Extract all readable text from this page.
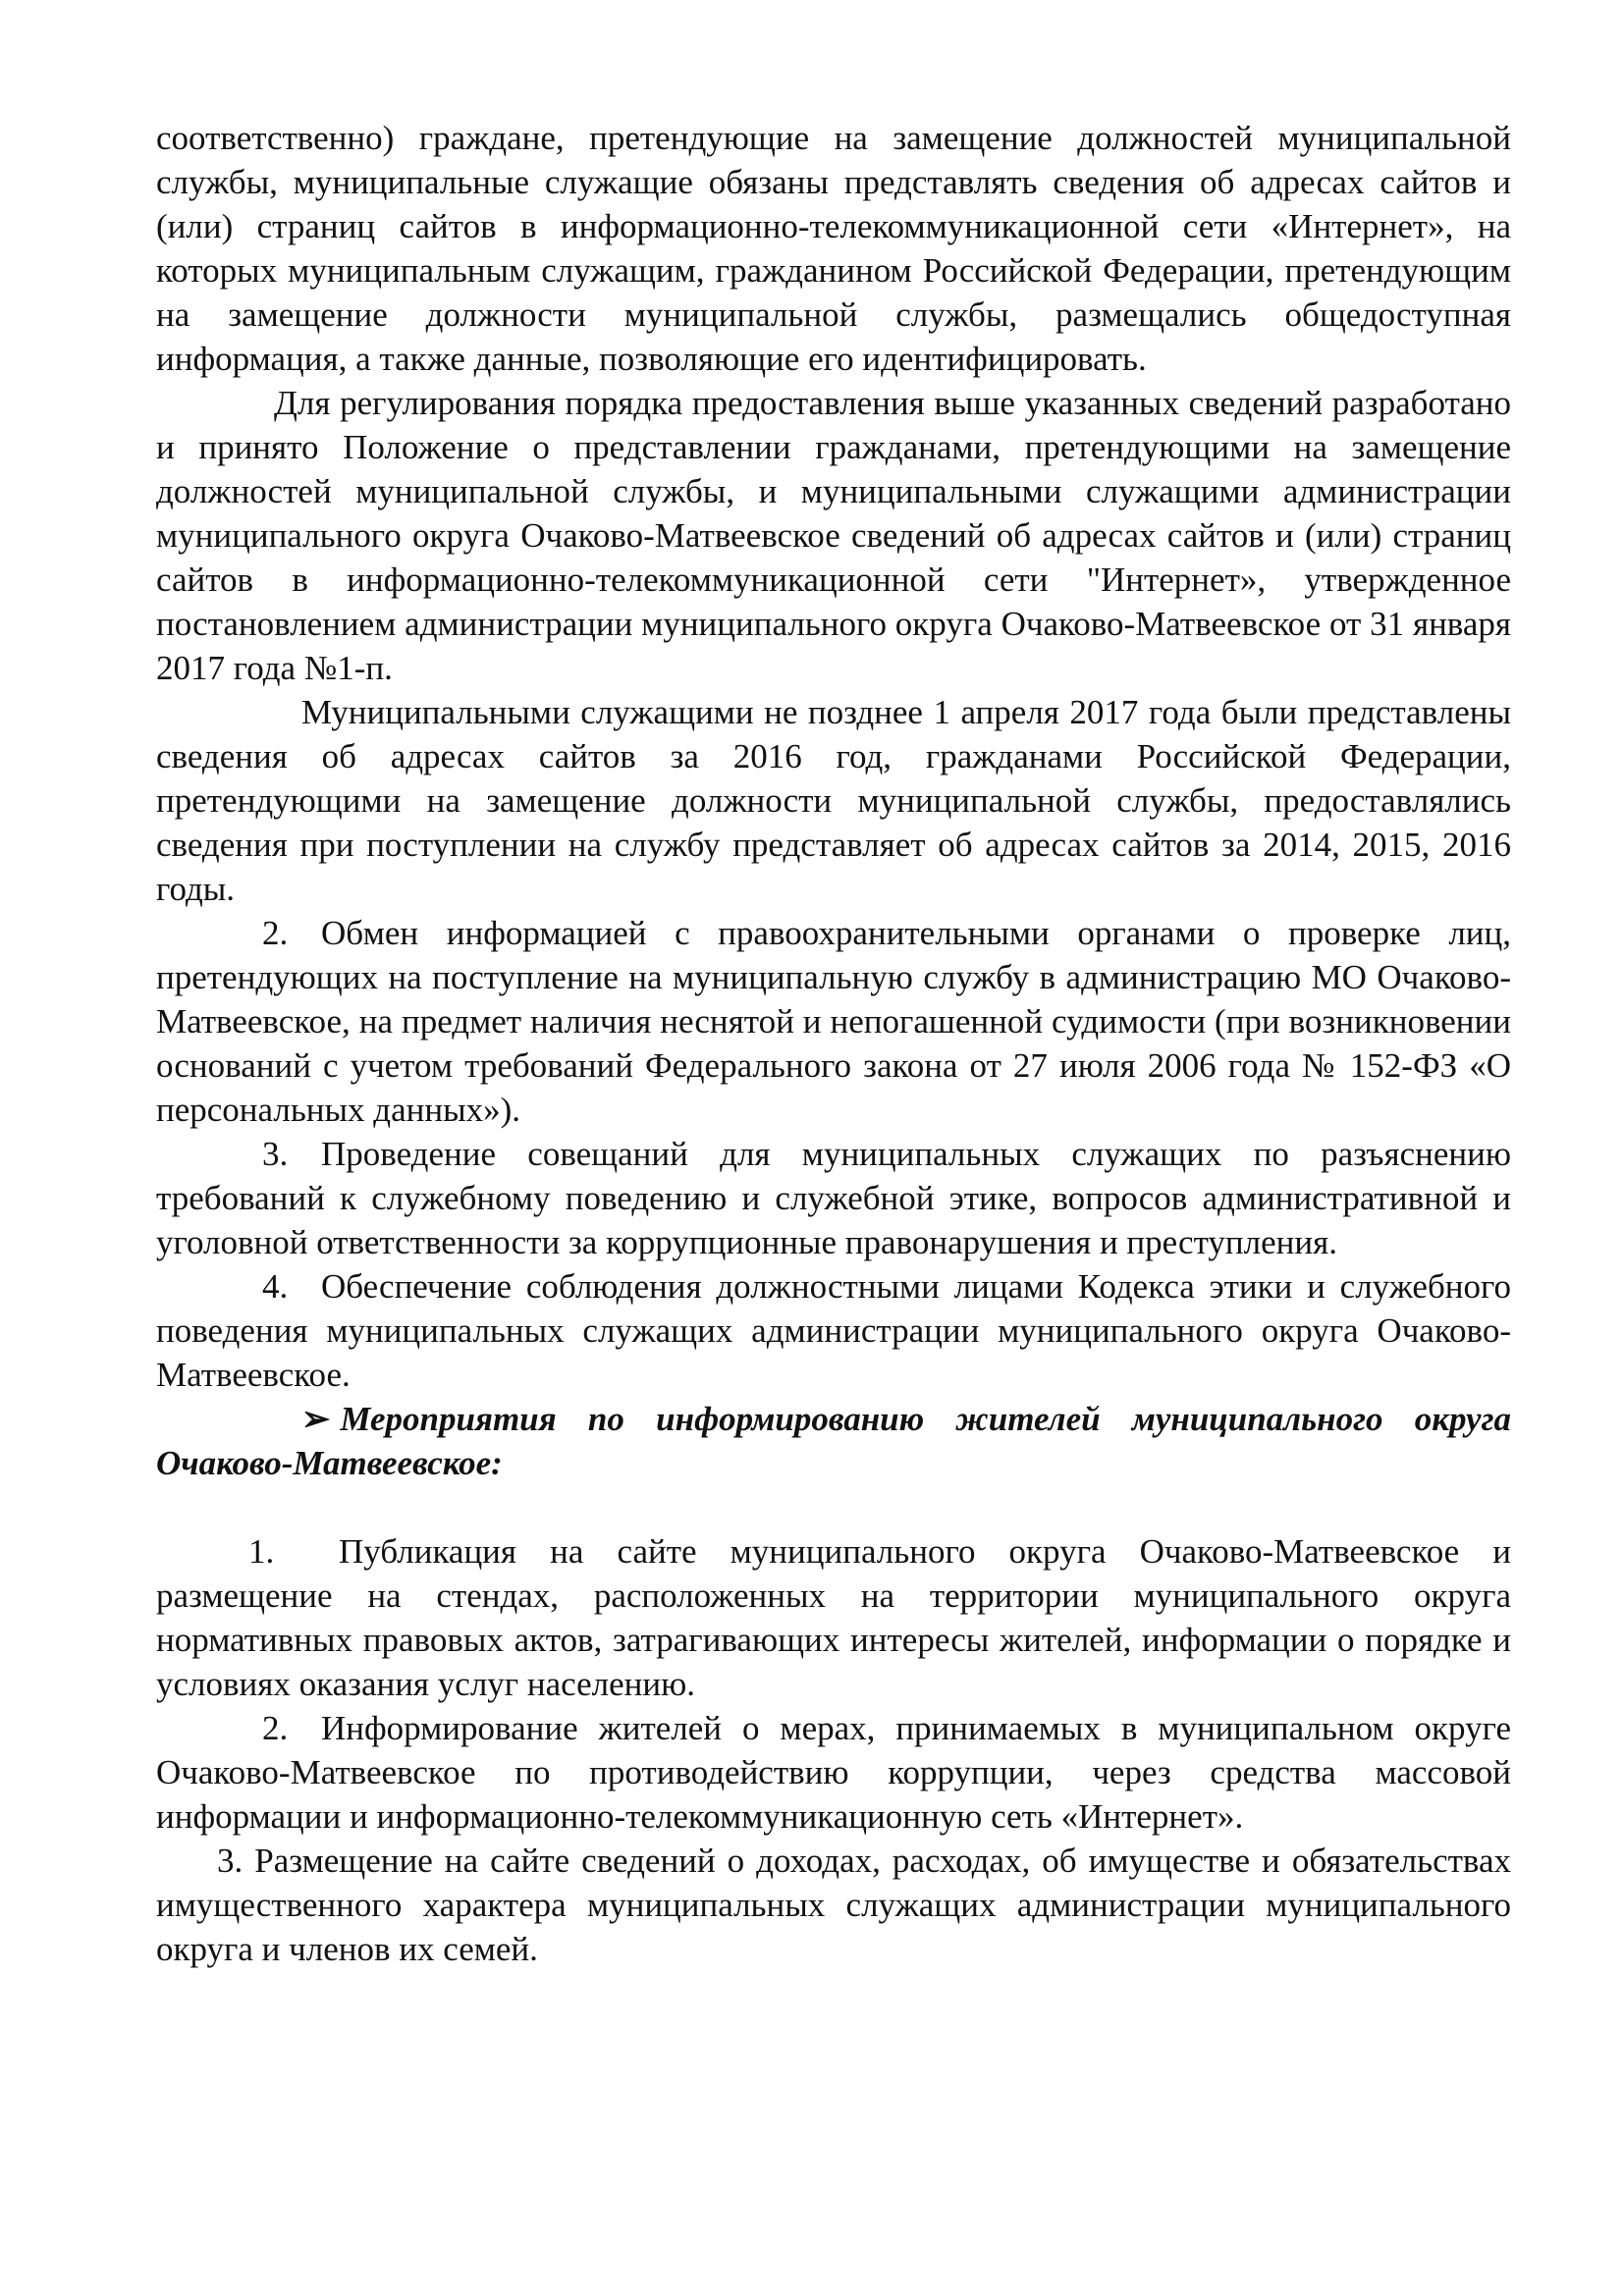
соответственно) граждане, претендующие на замещение должностей муниципальной службы, муниципальные служащие обязаны представлять сведения об адресах сайтов и (или) страниц сайтов в информационно-телекоммуникационной сети «Интернет», на которых муниципальным служащим, гражданином Российской Федерации, претендующим на замещение должности муниципальной службы, размещались общедоступная информация, а также данные, позволяющие его идентифицировать.

Для регулирования порядка предоставления выше указанных сведений разработано и принято Положение о представлении гражданами, претендующими на замещение должностей муниципальной службы, и муниципальными служащими администрации муниципального округа Очаково-Матвеевское сведений об адресах сайтов и (или) страниц сайтов в информационно-телекоммуникационной сети "Интернет», утвержденное постановлением администрации муниципального округа Очаково-Матвеевское от 31 января 2017 года №1-п.

Муниципальными служащими не позднее 1 апреля 2017 года были представлены сведения об адресах сайтов за 2016 год, гражданами Российской Федерации, претендующими на замещение должности муниципальной службы, предоставлялись сведения при поступлении на службу представляет об адресах сайтов за 2014, 2015, 2016 годы.

2. Обмен информацией с правоохранительными органами о проверке лиц, претендующих на поступление на муниципальную службу в администрацию МО Очаково-Матвеевское, на предмет наличия неснятой и непогашенной судимости (при возникновении оснований с учетом требований Федерального закона от 27 июля 2006 года № 152-ФЗ «О персональных данных»).

3. Проведение совещаний для муниципальных служащих по разъяснению требований к служебному поведению и служебной этике, вопросов административной и уголовной ответственности за коррупционные правонарушения и преступления.

4. Обеспечение соблюдения должностными лицами Кодекса этики и служебного поведения муниципальных служащих администрации муниципального округа Очаково-Матвеевское.

➢ Мероприятия по информированию жителей муниципального округа Очаково-Матвеевское:

1. Публикация на сайте муниципального округа Очаково-Матвеевское и размещение на стендах, расположенных на территории муниципального округа нормативных правовых актов, затрагивающих интересы жителей, информации о порядке и условиях оказания услуг населению.

2. Информирование жителей о мерах, принимаемых в муниципальном округе Очаково-Матвеевское по противодействию коррупции, через средства массовой информации и информационно-телекоммуникационную сеть «Интернет».

3. Размещение на сайте сведений о доходах, расходах, об имуществе и обязательствах имущественного характера муниципальных служащих администрации муниципального округа и членов их семей.
